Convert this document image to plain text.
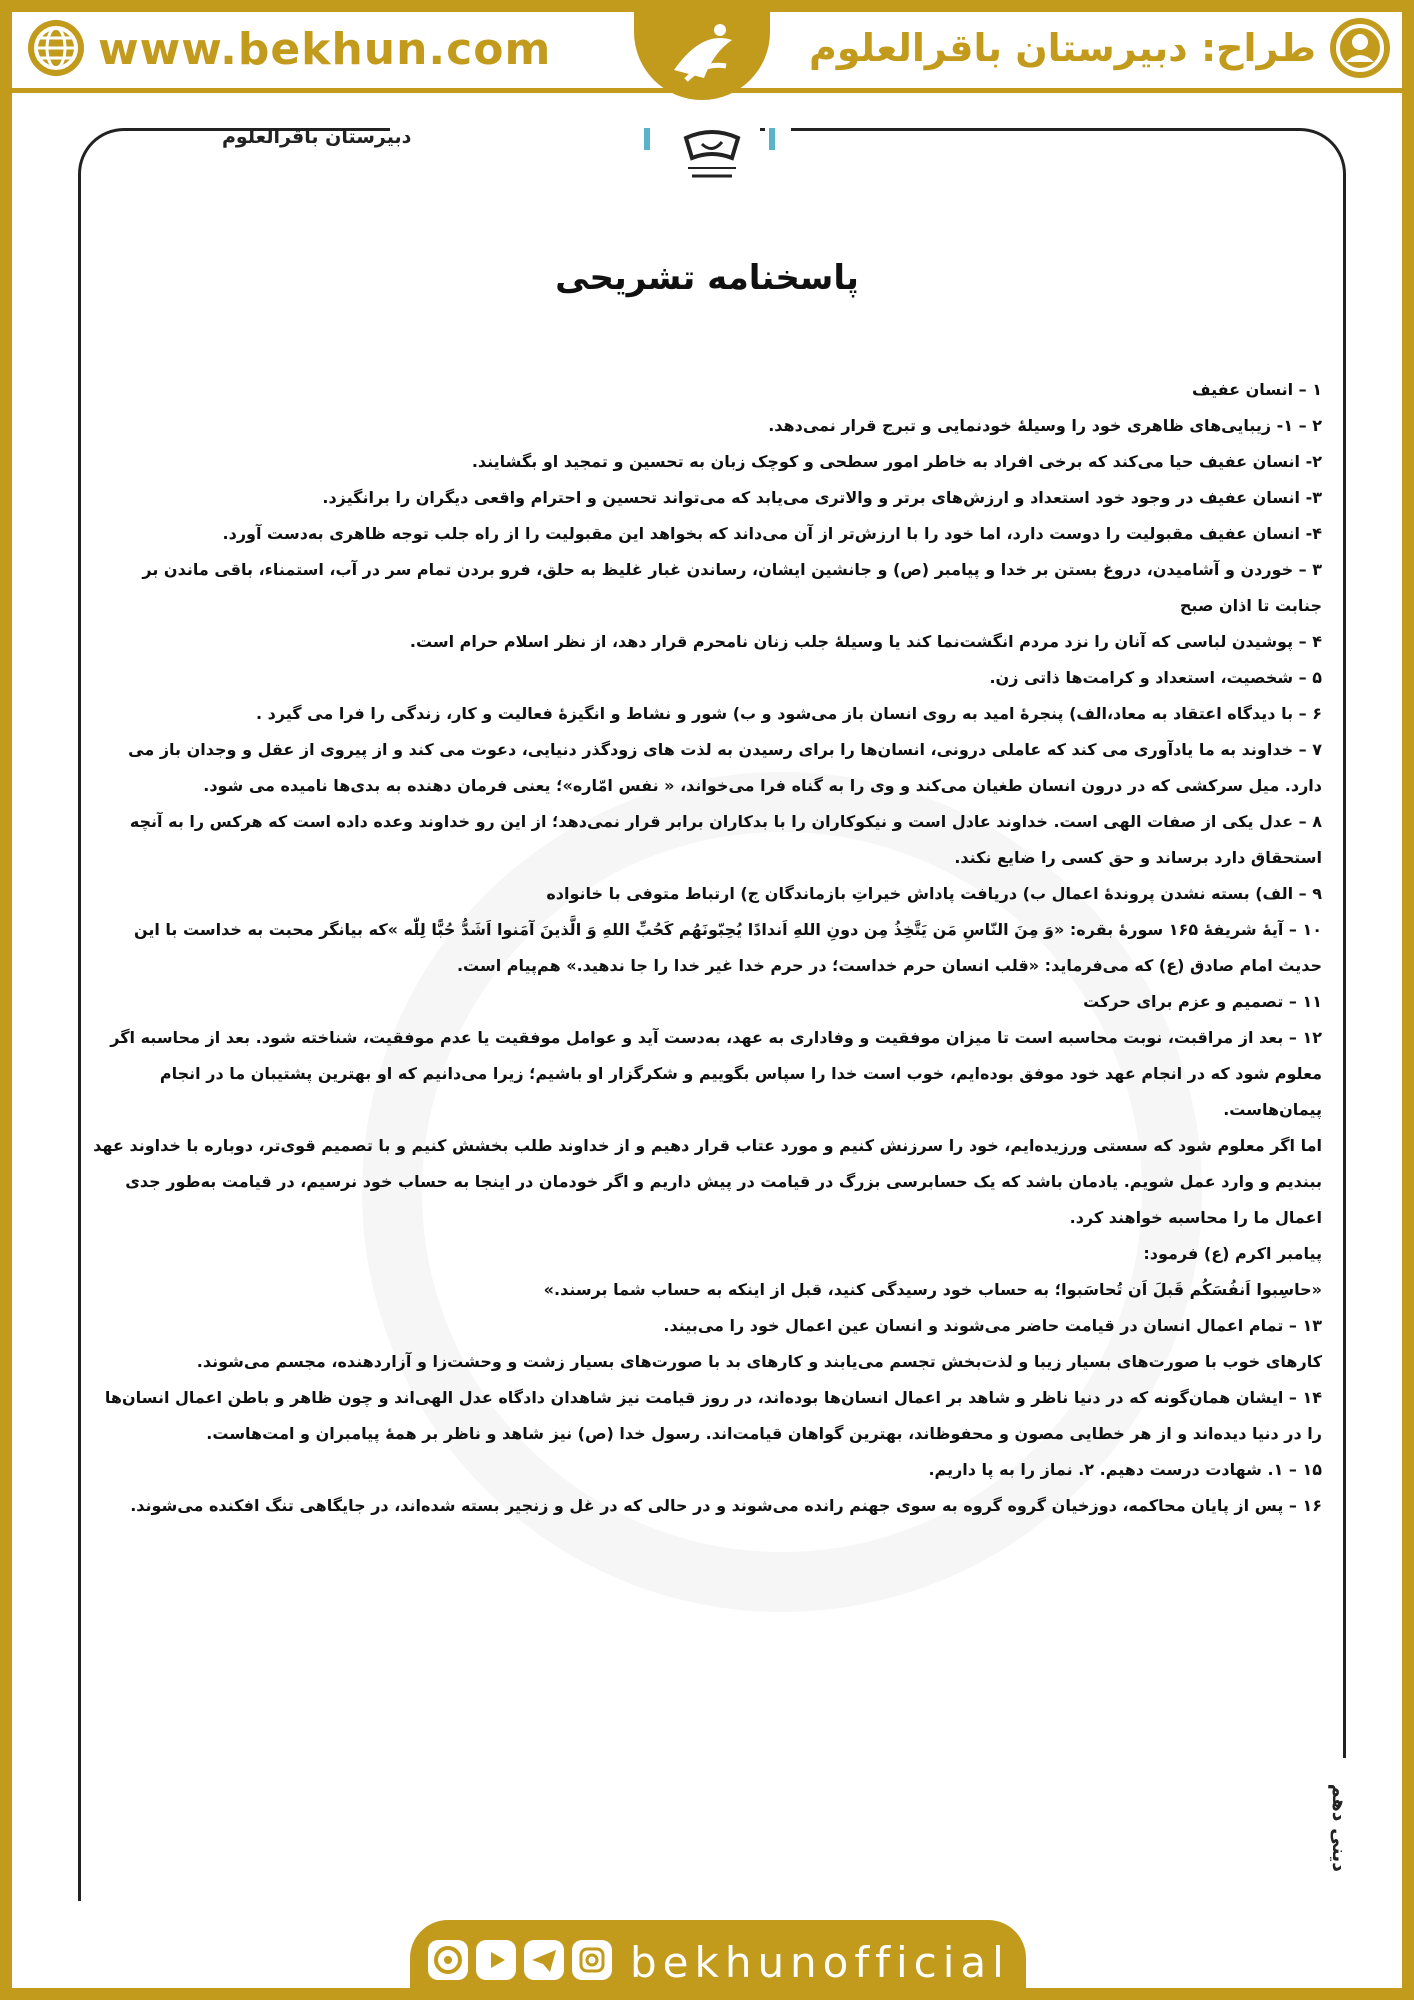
www.bekhun.com	طراح: دبیرستان باقرالعلوم
دبیرستان باقرالعلوم
پاسخنامه تشریحی

۱ – انسان عفیف

۲ – ۱- زیبایی‌های ظاهری خود را وسیلۀ خودنمایی و تبرج قرار نمی‌دهد.

۲- انسان عفیف حیا می‌کند که برخی افراد به خاطر امور سطحی و کوچک زبان به تحسین و تمجید او بگشایند.

۳- انسان عفیف در وجود خود استعداد و ارزش‌های برتر و والاتری می‌یابد که می‌تواند تحسین و احترام واقعی دیگران را برانگیزد.

۴- انسان عفیف مقبولیت را دوست دارد، اما خود را با ارزش‌تر از آن می‌داند که بخواهد این مقبولیت را از راه جلب توجه ظاهری به‌دست آورد.

۳ – خوردن و آشامیدن، دروغ بستن بر خدا و پیامبر (ص) و جانشین ایشان، رساندن غبار غلیظ به حلق، فرو بردن تمام سر در آب، استمناء، باقی ماندن بر جنابت تا اذان صبح

۴ – پوشیدن لباسی که آنان را نزد مردم انگشت‌نما کند یا وسیلۀ جلب زنان نامحرم قرار دهد، از نظر اسلام حرام است.

۵ – شخصیت، استعداد و کرامت‌ها ذاتی زن.

۶ – با دیدگاه اعتقاد به معاد،الف) پنجرۀ امید به روی انسان باز می‌شود و ب) شور و نشاط و انگیزۀ فعالیت و کار، زندگی را فرا می گیرد .

۷ – خداوند به ما یادآوری می کند که عاملی درونی، انسان‌ها را برای رسیدن به لذت های زودگذر دنیایی، دعوت می کند و از پیروی از عقل و وجدان باز می دارد. میل سرکشی که در درون انسان طغیان می‌کند و وی را به گناه فرا می‌خواند، « نفس امّاره»؛ یعنی فرمان دهنده به بدی‌ها نامیده می شود.

۸ – عدل یکی از صفات الهی است. خداوند عادل است و نیکوکاران را با بدکاران برابر قرار نمی‌دهد؛ از این رو خداوند وعده داده است که هرکس را به آنچه استحقاق دارد برساند و حق کسی را ضایع نکند.

۹ – الف) بسته نشدن پروندۀ اعمال ب) دریافت پاداش خیراتِ بازماندگان ج) ارتباط متوفی با خانواده

۱۰ – آیۀ شریفۀ ۱۶۵ سورۀ بقره: «وَ مِنَ النّاسِ مَن یَتَّخِذُ مِن دونِ اللهِ اَندادًا یُحِبّونَهُم کَحُبِّ اللهِ وَ الَّذینَ آمَنوا اَشَدُّ حُبًّا لِلّٰه »که بیانگر محبت به خداست با این حدیث امام صادق (ع) که می‌فرماید: «قلب انسان حرم خداست؛ در حرم خدا غیر خدا را جا ندهید.» هم‌پیام است.

۱۱ – تصمیم و عزم برای حرکت

۱۲ – بعد از مراقبت، نوبت محاسبه است تا میزان موفقیت و وفاداری به عهد، به‌دست آید و عوامل موفقیت یا عدم موفقیت، شناخته شود. بعد از محاسبه اگر معلوم شود که در انجام عهد خود موفق بوده‌ایم، خوب است خدا را سپاس بگوییم و شکرگزار او باشیم؛ زیرا می‌دانیم که او بهترین پشتیبان ما در انجام پیمان‌هاست.

اما اگر معلوم شود که سستی ورزیده‌ایم، خود را سرزنش کنیم و مورد عتاب قرار دهیم و از خداوند طلب بخشش کنیم و با تصمیم قوی‌تر، دوباره با خداوند عهد ببندیم و وارد عمل شویم. یادمان باشد که یک حسابرسی بزرگ در قیامت در پیش داریم و اگر خودمان در اینجا به حساب خود نرسیم، در قیامت به‌طور جدی اعمال ما را محاسبه خواهند کرد.

پیامبر اکرم (ع) فرمود:

«حاسِبوا اَنفُسَکُم قَبلَ اَن تُحاسَبوا؛ به حساب خود رسیدگی کنید، قبل از اینکه به حساب شما برسند.»

۱۳ – تمام اعمال انسان در قیامت حاضر می‌شوند و انسان عین اعمال خود را می‌بیند.

کارهای خوب با صورت‌های بسیار زیبا و لذت‌بخش تجسم می‌یابند و کارهای بد با صورت‌های بسیار زشت و وحشت‌زا و آزاردهنده، مجسم می‌شوند.

۱۴ – ایشان همان‌گونه که در دنیا ناظر و شاهد بر اعمال انسان‌ها بوده‌اند، در روز قیامت نیز شاهدان دادگاه عدل الهی‌اند و چون ظاهر و باطن اعمال انسان‌ها را در دنیا دیده‌اند و از هر خطایی مصون و محفوظاند، بهترین گواهان قیامت‌اند. رسول خدا (ص) نیز شاهد و ناظر بر همۀ پیامبران و امت‌هاست.

۱۵ – ۱. شهادت درست دهیم. ۲. نماز را به پا داریم.

۱۶ – پس از پایان محاکمه، دوزخیان گروه گروه به سوی جهنم رانده می‌شوند و در حالی که در غل و زنجیر بسته شده‌اند، در جایگاهی تنگ افکنده می‌شوند.

دینی دهم
bekhunofficial
